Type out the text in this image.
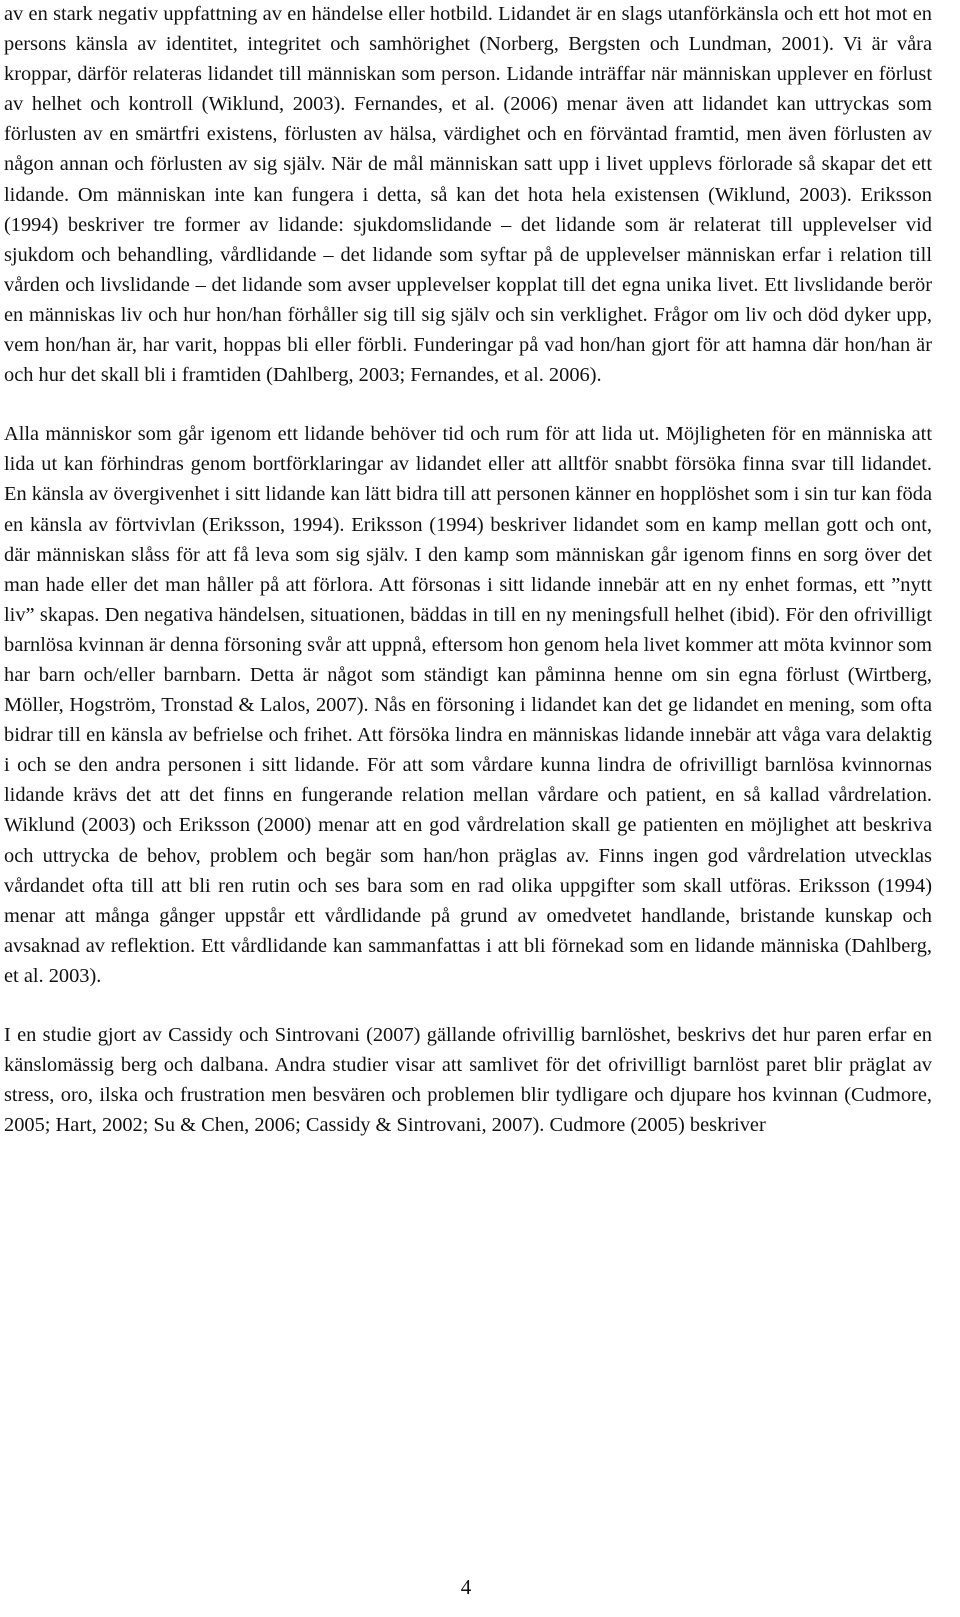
av en stark negativ uppfattning av en händelse eller hotbild. Lidandet är en slags utanförkänsla och ett hot mot en persons känsla av identitet, integritet och samhörighet (Norberg, Bergsten och Lundman, 2001). Vi är våra kroppar, därför relateras lidandet till människan som person. Lidande inträffar när människan upplever en förlust av helhet och kontroll (Wiklund, 2003). Fernandes, et al. (2006) menar även att lidandet kan uttryckas som förlusten av en smärtfri existens, förlusten av hälsa, värdighet och en förväntad framtid, men även förlusten av någon annan och förlusten av sig själv. När de mål människan satt upp i livet upplevs förlorade så skapar det ett lidande. Om människan inte kan fungera i detta, så kan det hota hela existensen (Wiklund, 2003). Eriksson (1994) beskriver tre former av lidande: sjukdomslidande – det lidande som är relaterat till upplevelser vid sjukdom och behandling, vårdlidande – det lidande som syftar på de upplevelser människan erfar i relation till vården och livslidande – det lidande som avser upplevelser kopplat till det egna unika livet. Ett livslidande berör en människas liv och hur hon/han förhåller sig till sig själv och sin verklighet. Frågor om liv och död dyker upp, vem hon/han är, har varit, hoppas bli eller förbli. Funderingar på vad hon/han gjort för att hamna där hon/han är och hur det skall bli i framtiden (Dahlberg, 2003; Fernandes, et al. 2006).

Alla människor som går igenom ett lidande behöver tid och rum för att lida ut. Möjligheten för en människa att lida ut kan förhindras genom bortförklaringar av lidandet eller att alltför snabbt försöka finna svar till lidandet. En känsla av övergivenhet i sitt lidande kan lätt bidra till att personen känner en hopplöshet som i sin tur kan föda en känsla av förtvivlan (Eriksson, 1994). Eriksson (1994) beskriver lidandet som en kamp mellan gott och ont, där människan slåss för att få leva som sig själv. I den kamp som människan går igenom finns en sorg över det man hade eller det man håller på att förlora. Att försonas i sitt lidande innebär att en ny enhet formas, ett ”nytt liv” skapas. Den negativa händelsen, situationen, bäddas in till en ny meningsfull helhet (ibid). För den ofrivilligt barnlösa kvinnan är denna försoning svår att uppnå, eftersom hon genom hela livet kommer att möta kvinnor som har barn och/eller barnbarn. Detta är något som ständigt kan påminna henne om sin egna förlust (Wirtberg, Möller, Hogström, Tronstad & Lalos, 2007). Nås en försoning i lidandet kan det ge lidandet en mening, som ofta bidrar till en känsla av befrielse och frihet. Att försöka lindra en människas lidande innebär att våga vara delaktig i och se den andra personen i sitt lidande. För att som vårdare kunna lindra de ofrivilligt barnlösa kvinnornas lidande krävs det att det finns en fungerande relation mellan vårdare och patient, en så kallad vårdrelation. Wiklund (2003) och Eriksson (2000) menar att en god vårdrelation skall ge patienten en möjlighet att beskriva och uttrycka de behov, problem och begär som han/hon präglas av. Finns ingen god vårdrelation utvecklas vårdandet ofta till att bli ren rutin och ses bara som en rad olika uppgifter som skall utföras. Eriksson (1994) menar att många gånger uppstår ett vårdlidande på grund av omedvetet handlande, bristande kunskap och avsaknad av reflektion. Ett vårdlidande kan sammanfattas i att bli förnekad som en lidande människa (Dahlberg, et al. 2003).

I en studie gjort av Cassidy och Sintrovani (2007) gällande ofrivillig barnlöshet, beskrivs det hur paren erfar en känslomässig berg och dalbana. Andra studier visar att samlivet för det ofrivilligt barnlöst paret blir präglat av stress, oro, ilska och frustration men besvären och problemen blir tydligare och djupare hos kvinnan (Cudmore, 2005; Hart, 2002; Su & Chen, 2006; Cassidy & Sintrovani, 2007). Cudmore (2005) beskriver

4
